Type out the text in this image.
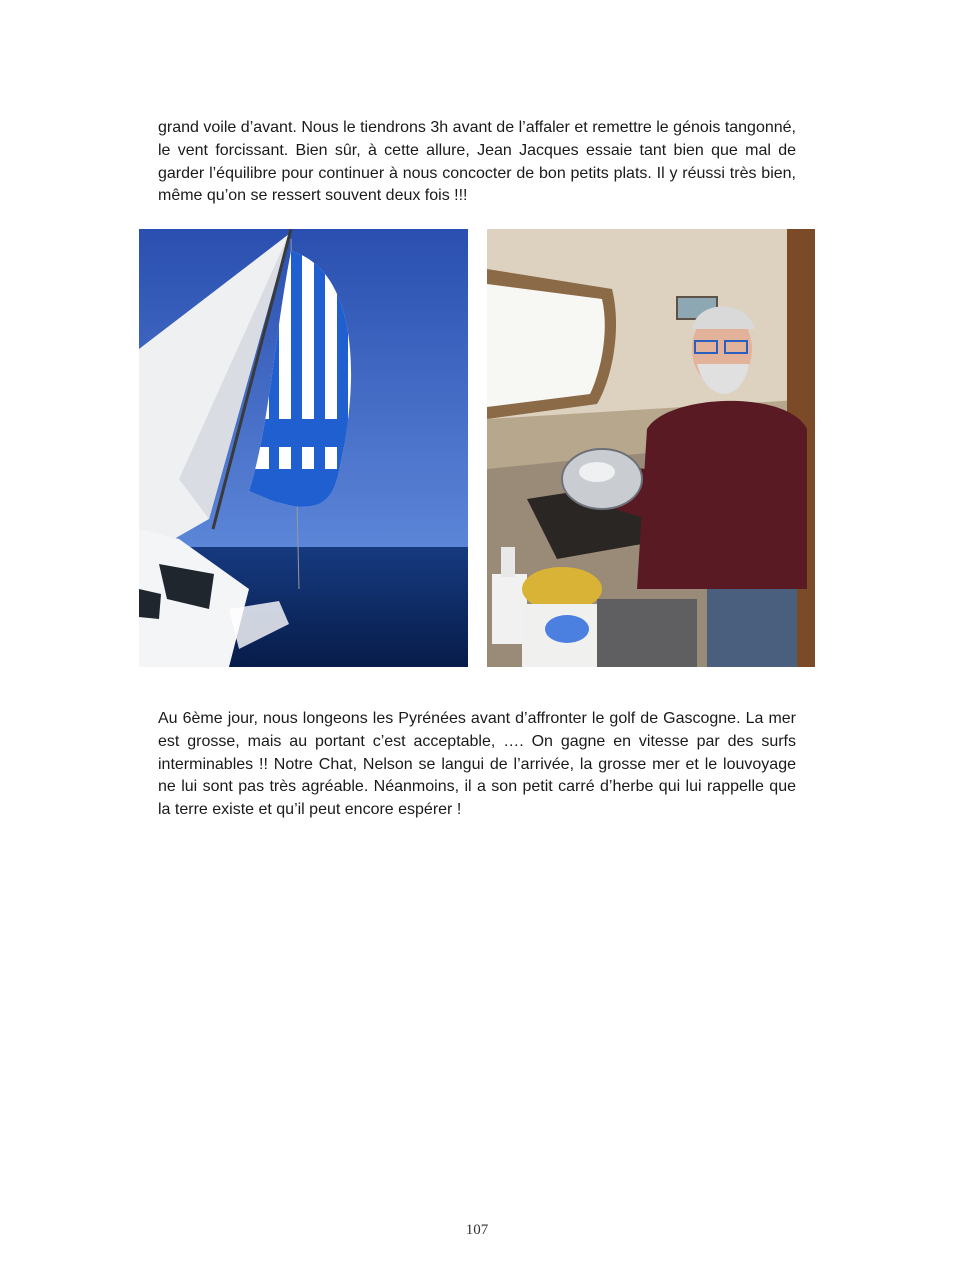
grand voile d’avant. Nous le tiendrons 3h avant de l’affaler et remettre le génois tangonné, le vent forcissant. Bien sûr, à cette allure, Jean Jacques essaie tant bien que mal de garder l’équilibre pour continuer à nous concocter de bon petits plats. Il y réussi très bien, même qu’on se ressert souvent deux fois !!!

Au 6ème jour, nous longeons les Pyrénées avant d’affronter le golf de Gascogne. La mer est grosse, mais au portant c’est acceptable, …. On gagne en vitesse par des surfs interminables !! Notre Chat, Nelson se langui de l’arrivée, la grosse mer et le louvoyage ne lui sont pas très agréable. Néanmoins, il a son petit carré d’herbe qui lui rappelle que la terre existe et qu’il peut encore espérer !

107
